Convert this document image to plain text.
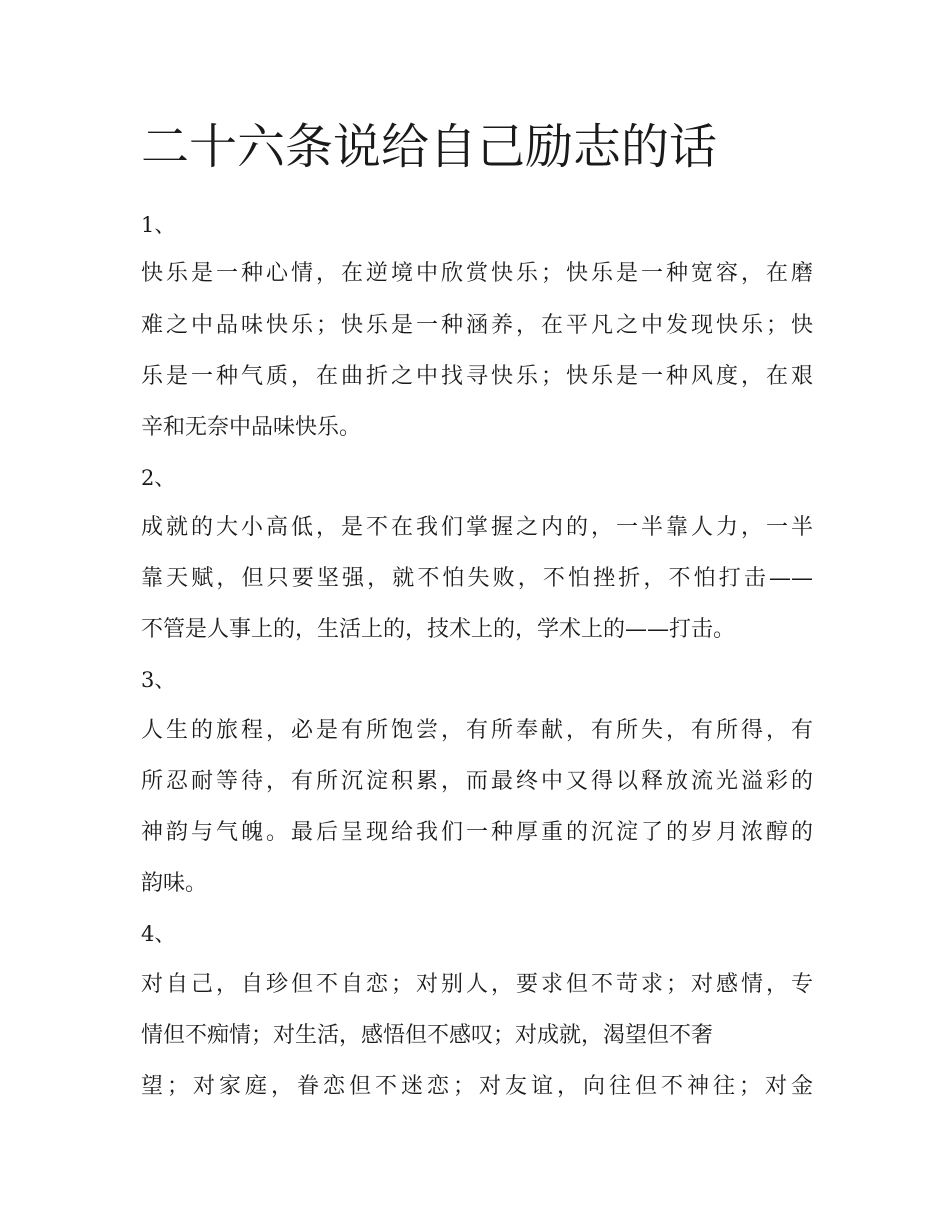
二十六条说给自己励志的话
1、
快乐是一种心情，在逆境中欣赏快乐；快乐是一种宽容，在磨
难之中品味快乐；快乐是一种涵养，在平凡之中发现快乐；快
乐是一种气质，在曲折之中找寻快乐；快乐是一种风度，在艰
辛和无奈中品味快乐。
2、
成就的大小高低，是不在我们掌握之内的，一半靠人力，一半
靠天赋，但只要坚强，就不怕失败，不怕挫折，不怕打击——
不管是人事上的，生活上的，技术上的，学术上的——打击。
3、
人生的旅程，必是有所饱尝，有所奉献，有所失，有所得，有
所忍耐等待，有所沉淀积累，而最终中又得以释放流光溢彩的
神韵与气魄。最后呈现给我们一种厚重的沉淀了的岁月浓醇的
韵味。
4、
对自己，自珍但不自恋；对别人，要求但不苛求；对感情，专
情但不痴情；对生活，感悟但不感叹；对成就，渴望但不奢
望；对家庭，眷恋但不迷恋；对友谊，向往但不神往；对金
